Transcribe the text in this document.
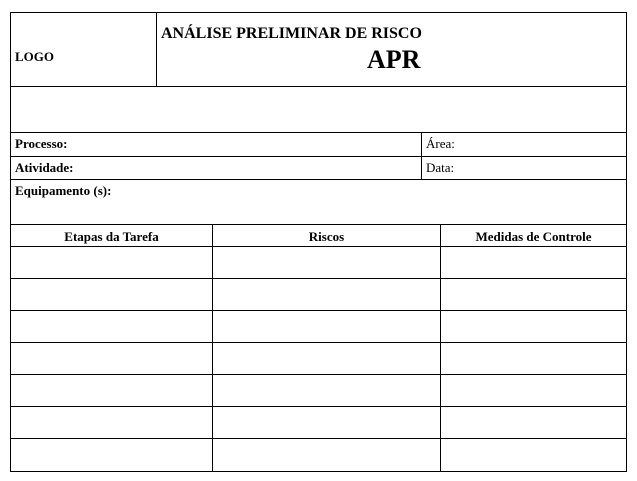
LOGO
ANÁLISE PRELIMINAR DE RISCO
APR
Processo:	Área:
Atividade:	Data:
Equipamento (s):
Etapas da Tarefa	Riscos	Medidas de Controle
